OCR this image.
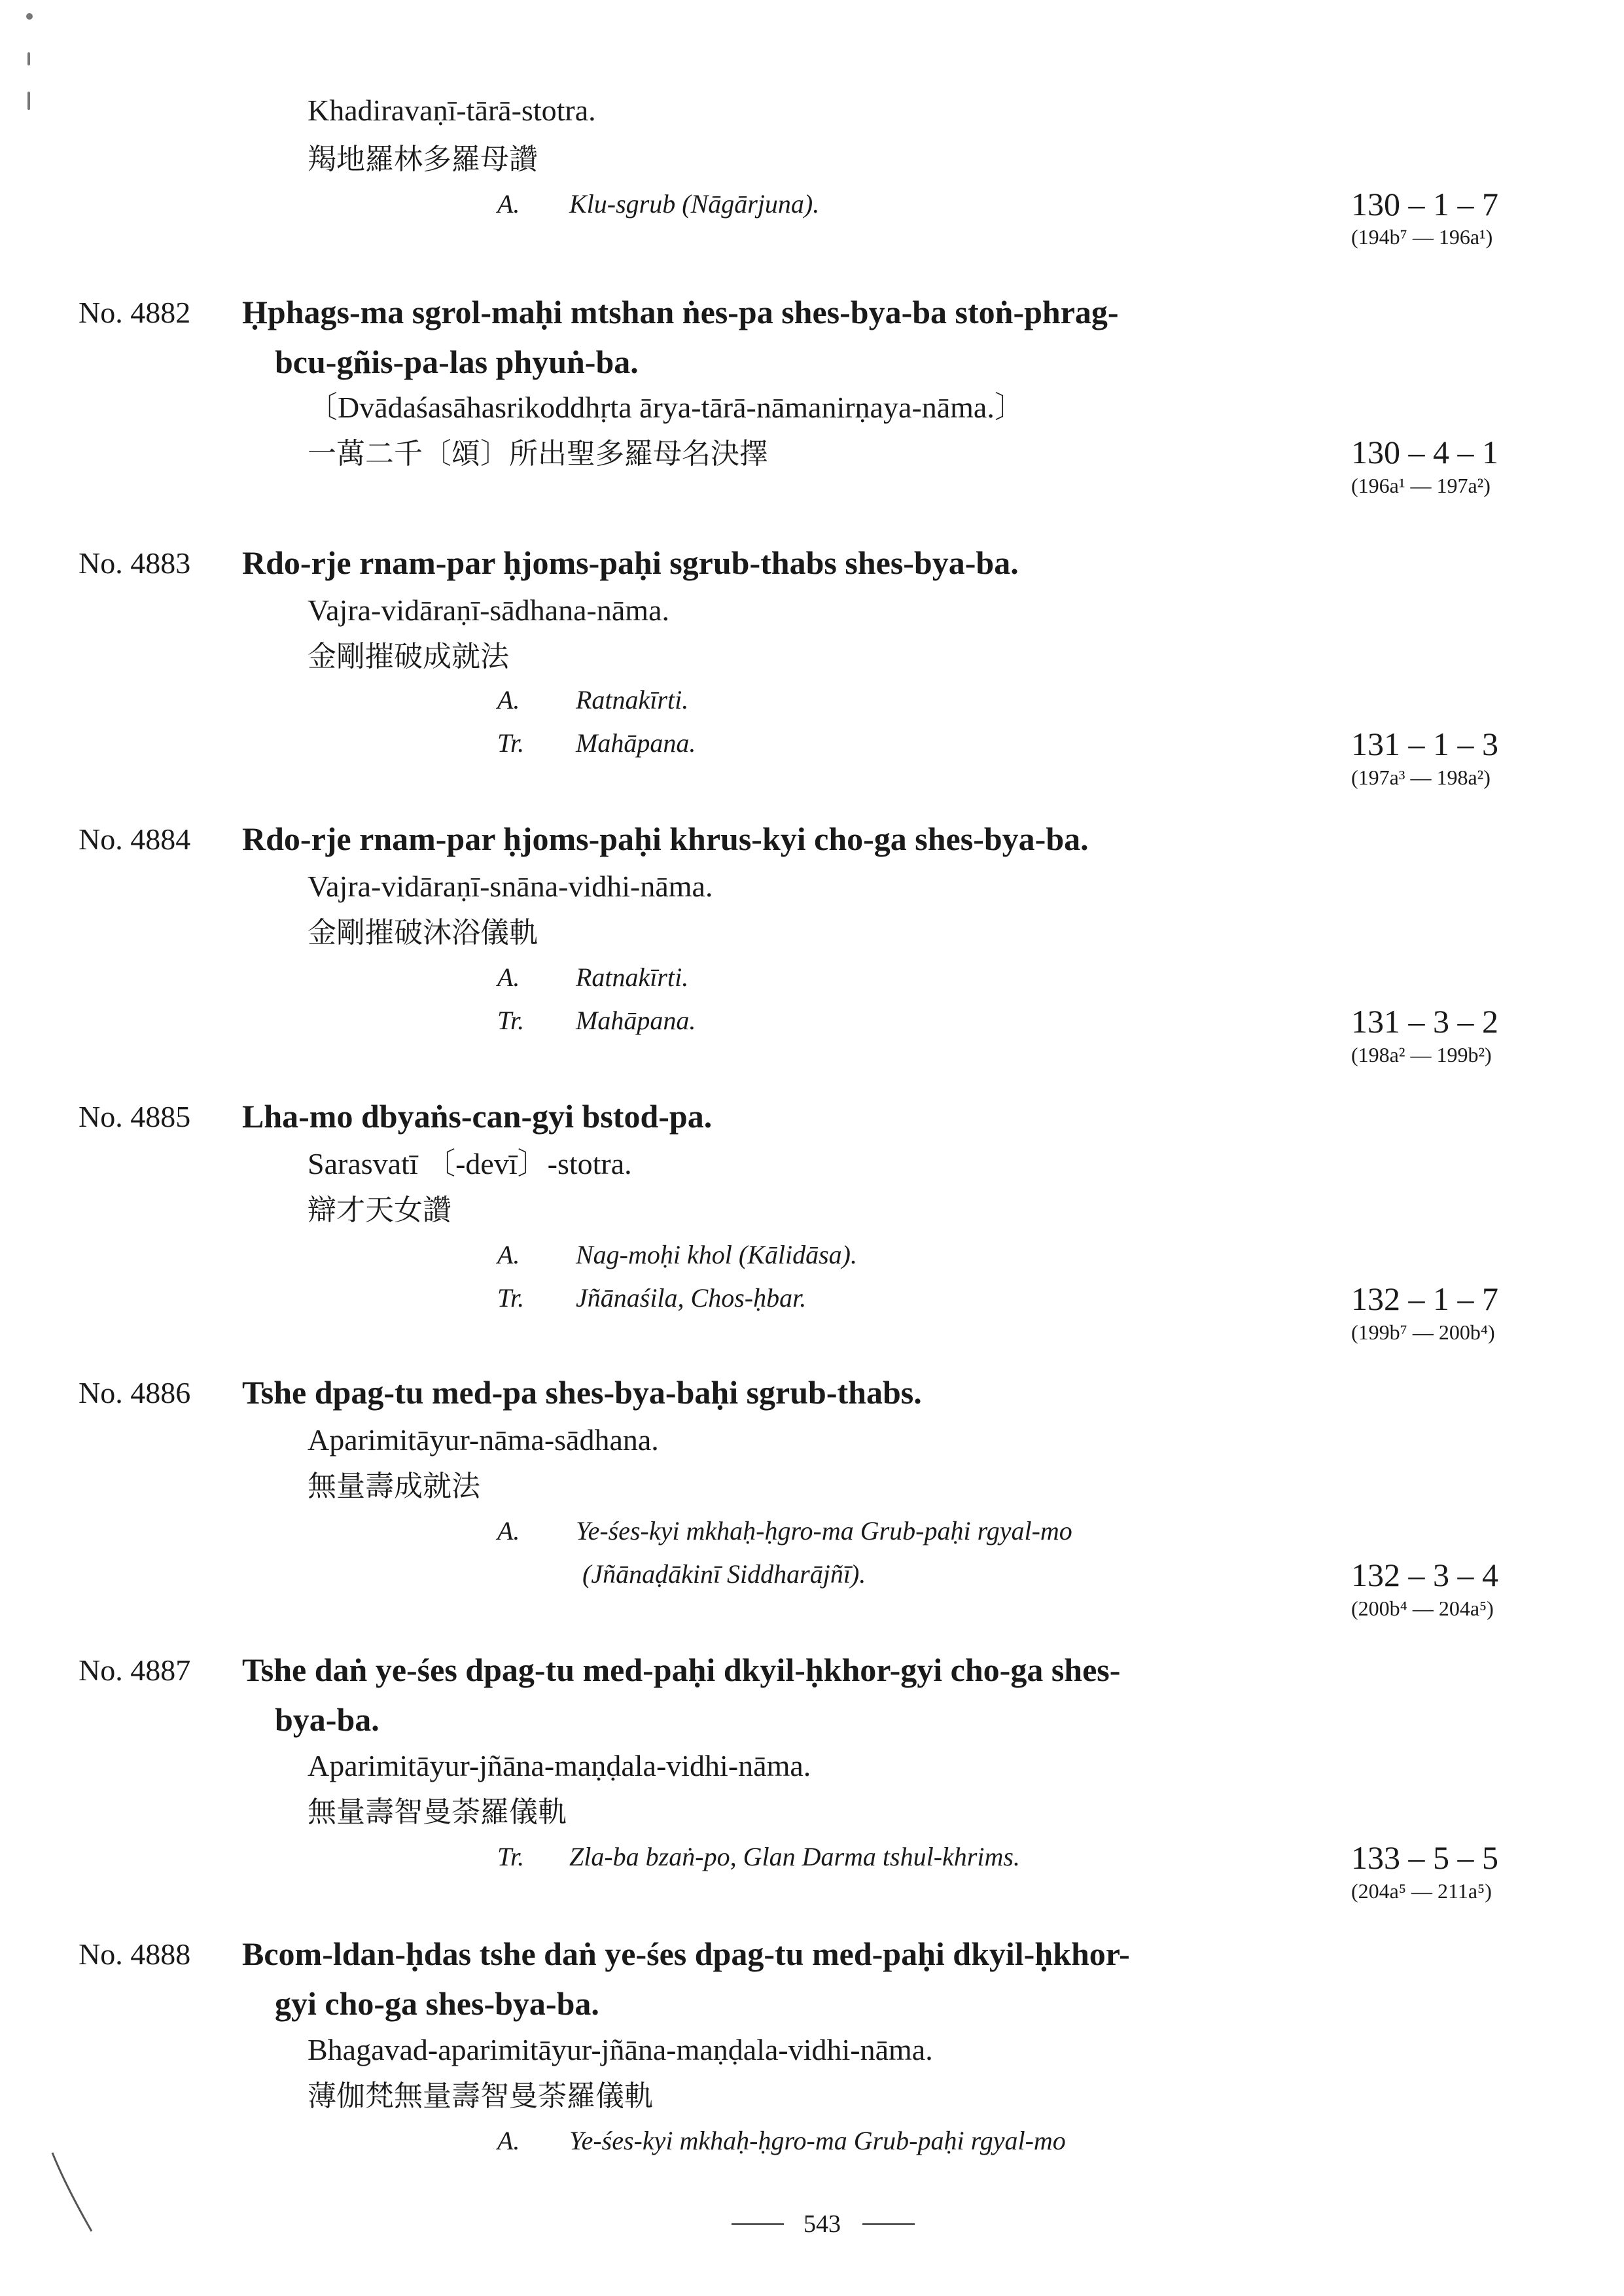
Khadiravaṇī-tārā-stotra.
羯地羅林多羅母讚
A. Klu-sgrub (Nāgārjuna).	130 – 1 – 7
(194b⁷ — 196a¹)
No. 4882 Ḥphags-ma sgrol-maḥi mtshan ṅes-pa shes-bya-ba stoṅ-phrag-
bcu-gñis-pa-las phyuṅ-ba.
〔Dvādaśasāhasrikoddhṛta ārya-tārā-nāmanirṇaya-nāma.〕
一萬二千〔頌〕所出聖多羅母名決擇	130 – 4 – 1
(196a¹ — 197a²)
No. 4883 Rdo-rje rnam-par ḥjoms-paḥi sgrub-thabs shes-bya-ba.
Vajra-vidāraṇī-sādhana-nāma.
金剛摧破成就法
A. Ratnakīrti.
Tr. Mahāpana.	131 – 1 – 3
(197a³ — 198a²)
No. 4884 Rdo-rje rnam-par ḥjoms-paḥi khrus-kyi cho-ga shes-bya-ba.
Vajra-vidāraṇī-snāna-vidhi-nāma.
金剛摧破沐浴儀軌
A. Ratnakīrti.
Tr. Mahāpana.	131 – 3 – 2
(198a² — 199b²)
No. 4885 Lha-mo dbyaṅs-can-gyi bstod-pa.
Sarasvatī 〔-devī〕-stotra.
辯才天女讚
A. Nag-moḥi khol (Kālidāsa).
Tr. Jñānaśila, Chos-ḥbar.	132 – 1 – 7
(199b⁷ — 200b⁴)
No. 4886 Tshe dpag-tu med-pa shes-bya-baḥi sgrub-thabs.
Aparimitāyur-nāma-sādhana.
無量壽成就法
A. Ye-śes-kyi mkhaḥ-ḥgro-ma Grub-paḥi rgyal-mo
(Jñānaḍākinī Siddharājñī).	132 – 3 – 4
(200b⁴ — 204a⁵)
No. 4887 Tshe daṅ ye-śes dpag-tu med-paḥi dkyil-ḥkhor-gyi cho-ga shes-
bya-ba.
Aparimitāyur-jñāna-maṇḍala-vidhi-nāma.
無量壽智曼荼羅儀軌
Tr. Zla-ba bzaṅ-po, Glan Darma tshul-khrims.	133 – 5 – 5
(204a⁵ — 211a⁵)
No. 4888 Bcom-ldan-ḥdas tshe daṅ ye-śes dpag-tu med-paḥi dkyil-ḥkhor-
gyi cho-ga shes-bya-ba.
Bhagavad-aparimitāyur-jñāna-maṇḍala-vidhi-nāma.
薄伽梵無量壽智曼荼羅儀軌
A. Ye-śes-kyi mkhaḥ-ḥgro-ma Grub-paḥi rgyal-mo
543
